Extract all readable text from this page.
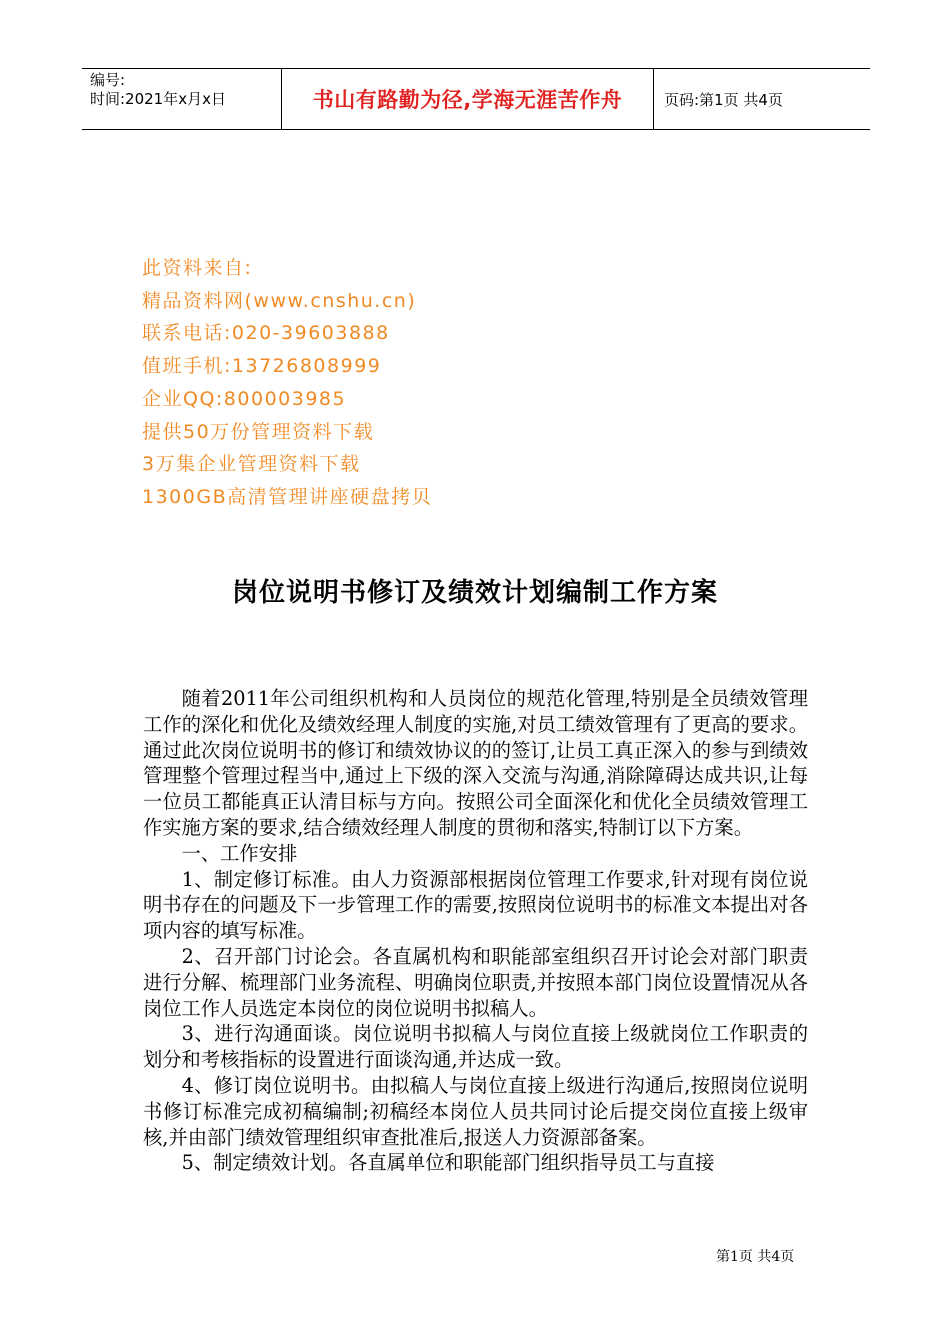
编号:
时间:2021年x月x日	书山有路勤为径,学海无涯苦作舟	页码:第1页 共4页
此资料来自:
精品资料网(www.cnshu.cn)
联系电话:020-39603888
值班手机:13726808999
企业QQ:800003985
提供50万份管理资料下载
3万集企业管理资料下载
1300GB高清管理讲座硬盘拷贝
岗位说明书修订及绩效计划编制工作方案

随着2011年公司组织机构和人员岗位的规范化管理,特别是全员绩效管理工作的深化和优化及绩效经理人制度的实施,对员工绩效管理有了更高的要求。通过此次岗位说明书的修订和绩效协议的的签订,让员工真正深入的参与到绩效管理整个管理过程当中,通过上下级的深入交流与沟通,消除障碍达成共识,让每一位员工都能真正认清目标与方向。按照公司全面深化和优化全员绩效管理工作实施方案的要求,结合绩效经理人制度的贯彻和落实,特制订以下方案。

一、工作安排

1、制定修订标准。由人力资源部根据岗位管理工作要求,针对现有岗位说明书存在的问题及下一步管理工作的需要,按照岗位说明书的标准文本提出对各项内容的填写标准。

2、召开部门讨论会。各直属机构和职能部室组织召开讨论会对部门职责进行分解、梳理部门业务流程、明确岗位职责,并按照本部门岗位设置情况从各岗位工作人员选定本岗位的岗位说明书拟稿人。

3、进行沟通面谈。岗位说明书拟稿人与岗位直接上级就岗位工作职责的划分和考核指标的设置进行面谈沟通,并达成一致。

4、修订岗位说明书。由拟稿人与岗位直接上级进行沟通后,按照岗位说明书修订标准完成初稿编制;初稿经本岗位人员共同讨论后提交岗位直接上级审核,并由部门绩效管理组织审查批准后,报送人力资源部备案。

5、制定绩效计划。各直属单位和职能部门组织指导员工与直接

第1页 共4页
